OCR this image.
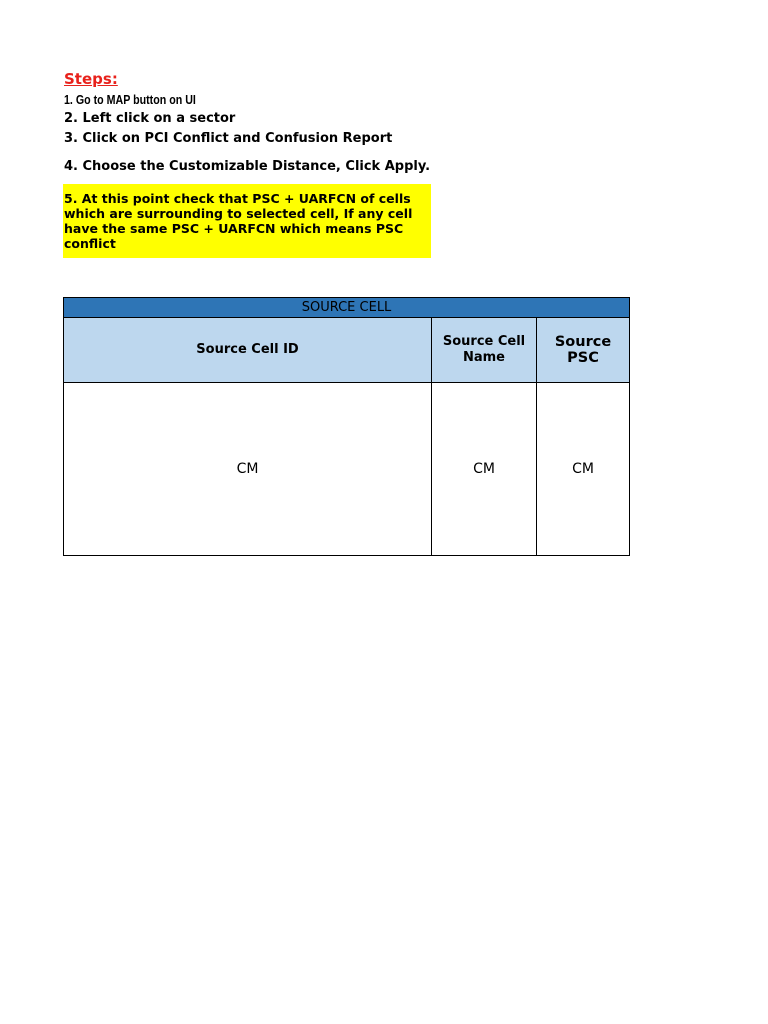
Steps:
1. Go to MAP button on UI
2. Left click on a sector
3. Click on PCI Conflict and Confusion Report
4. Choose the Customizable Distance, Click Apply.
5. At this point check that PSC + UARFCN of cells which are surrounding to selected cell, If any cell have the same PSC + UARFCN which means PSC conflict
SOURCE CELL		
Source Cell ID	Source Cell Name	Source PSC
CM	CM	CM
